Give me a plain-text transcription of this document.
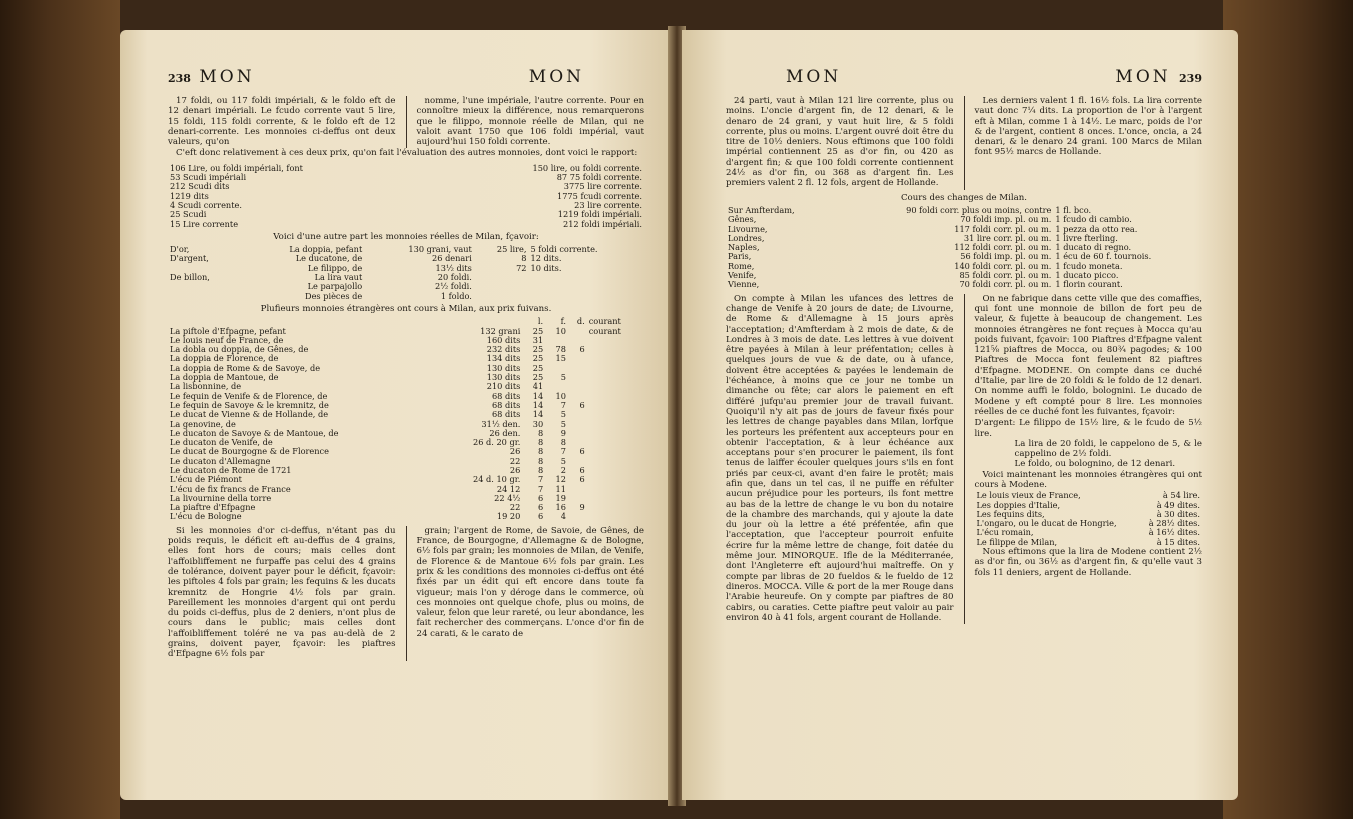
238 MON	MON

17 foldi, ou 117 foldi impériali, & le foldo eft de 12 denari impériali. Le fcudo corrente vaut 5 lire, 15 foldi, 115 foldi corrente, & le foldo eft de 12 denari-corrente. Les monnoies ci-deffus ont deux valeurs, qu'on

nomme, l'une impériale, l'autre corrente. Pour en connoître mieux la différence, nous remarquerons que le filippo, monnoie réelle de Milan, qui ne valoit avant 1750 que 106 foldi impérial, vaut aujourd'hui 150 foldi corrente.

C'eft donc relativement à ces deux prix, qu'on fait l'évaluation des autres monnoies, dont voici le rapport:

106 Lire, ou foldi impériali, font	150 lire, ou foldi corrente.
53 Scudi impériali	87 75 foldi corrente.
212 Scudi dits	3775 lire corrente.
1219 dits	1775 fcudi corrente.
4 Scudi corrente.	23 lire corrente.
25 Scudi	1219 foldi impériali.
15 Lire corrente	212 foldi impériali.
Voici d'une autre part les monnoies réelles de Milan, fçavoir:
D'or,	La doppia, pefant	130 grani, vaut	25 lire,	5 foldi corrente.
D'argent,	Le ducatone, de	26 denari	8	12 dits.
	Le filippo, de	13½ dits	72	10 dits.
De billon,	La lira vaut	20 foldi.		
	Le parpajollo	2½ foldi.		
	Des pièces de	1 foldo.		
Plufieurs monnoies étrangères ont cours à Milan, aux prix fuivans.
		l.	f.	d.	courant
La piftole d'Efpagne, pefant	132 grani	25	10		courant
Le louis neuf de France, de	160 dits	31			
La dobla ou doppia, de Gênes, de	232 dits	25	78	6	
La doppia de Florence, de	134 dits	25	15		
La doppia de Rome & de Savoye, de	130 dits	25			
La doppia de Mantoue, de	130 dits	25	5		
La lisbonnine, de	210 dits	41			
Le fequin de Venife & de Florence, de	68 dits	14	10		
Le fequin de Savoye & le kremnitz, de	68 dits	14	7	6	
Le ducat de Vienne & de Hollande, de	68 dits	14	5		
La genovine, de	31½ den.	30	5		
Le ducaton de Savoye & de Mantoue, de	26 den.	8	9		
Le ducaton de Venife, de	26 d. 20 gr.	8	8		
Le ducat de Bourgogne & de Florence	26	8	7	6	
Le ducaton d'Allemagne	22	8	5		
Le ducaton de Rome de 1721	26	8	2	6	
L'écu de Piémont	24 d. 10 gr.	7	12	6	
L'écu de fix francs de France	24 12	7	11		
La livournine della torre	22 4½	6	19		
La piaftre d'Efpagne	22	6	16	9	
L'écu de Bologne	19 20	6	4		

Si les monnoies d'or ci-deffus, n'étant pas du poids requis, le déficit eft au-deffus de 4 grains, elles font hors de cours; mais celles dont l'affoibliffement ne furpaffe pas celui des 4 grains de tolérance, doivent payer pour le déficit, fçavoir: les piftoles 4 fols par grain; les fequins & les ducats kremnitz de Hongrie 4½ fols par grain. Pareillement les monnoies d'argent qui ont perdu du poids ci-deffus, plus de 2 deniers, n'ont plus de cours dans le public; mais celles dont l'affoibliffement toléré ne va pas au-delà de 2 grains, doivent payer, fçavoir: les piaftres d'Efpagne 6½ fols par

grain; l'argent de Rome, de Savoie, de Gênes, de France, de Bourgogne, d'Allemagne & de Bologne, 6½ fols par grain; les monnoies de Milan, de Venife, de Florence & de Mantoue 6½ fols par grain. Les prix & les conditions des monnoies ci-deffus ont été fixés par un édit qui eft encore dans toute fa vigueur; mais l'on y déroge dans le commerce, où ces monnoies ont quelque chofe, plus ou moins, de valeur, felon que leur rareté, ou leur abondance, les fait rechercher des commerçans. L'once d'or fin de 24 carati, & le carato de

MON	MON 239

24 parti, vaut à Milan 121 lire corrente, plus ou moins. L'oncie d'argent fin, de 12 denari, & le denaro de 24 grani, y vaut huit lire, & 5 foldi corrente, plus ou moins. L'argent ouvré doit être du titre de 10½ deniers. Nous eftimons que 100 foldi impérial contiennent 25 as d'or fin, ou 420 as d'argent fin; & que 100 foldi corrente contiennent 24½ as d'or fin, ou 368 as d'argent fin. Les premiers valent 2 fl. 12 fols, argent de Hollande.

Les derniers valent 1 fl. 16½ fols. La lira corrente vaut donc 7¼ dits. La proportion de l'or à l'argent eft à Milan, comme 1 à 14½. Le marc, poids de l'or & de l'argent, contient 8 onces. L'once, oncia, a 24 denari, & le denaro 24 grani. 100 Marcs de Milan font 95½ marcs de Hollande.

Cours des changes de Milan.
Sur Amfterdam,	90 foldi corr. plus ou moins, contre	1 fl. bco.
Gênes,	70 foldi imp. pl. ou m.	1 fcudo di cambio.
Livourne,	117 foldi corr. pl. ou m.	1 pezza da otto rea.
Londres,	31 lire corr. pl. ou m.	1 livre fterling.
Naples,	112 foldi corr. pl. ou m.	1 ducato di regno.
Paris,	56 foldi imp. pl. ou m.	1 écu de 60 f. tournois.
Rome,	140 foldi corr. pl. ou m.	1 fcudo moneta.
Venife,	85 foldi corr. pl. ou m.	1 ducato picco.
Vienne,	70 foldi corr. pl. ou m.	1 florin courant.

On compte à Milan les ufances des lettres de change de Venife à 20 jours de date; de Livourne, de Rome & d'Allemagne à 15 jours après l'acceptation; d'Amfterdam à 2 mois de date, & de Londres à 3 mois de date. Les lettres à vue doivent être payées à Milan à leur préfentation; celles à quelques jours de vue & de date, ou à ufance, doivent être acceptées & payées le lendemain de l'échéance, à moins que ce jour ne tombe un dimanche ou fête; car alors le paiement en eft différé jufqu'au premier jour de travail fuivant. Quoiqu'il n'y ait pas de jours de faveur fixés pour les lettres de change payables dans Milan, lorfque les porteurs les préfentent aux accepteurs pour en obtenir l'acceptation, & à leur échéance aux acceptans pour s'en procurer le paiement, ils font tenus de laiffer écouler quelques jours s'ils en font priés par ceux-ci, avant d'en faire le protêt; mais afin que, dans un tel cas, il ne puiffe en réfulter aucun préjudice pour les porteurs, ils font mettre au bas de la lettre de change le vu bon du notaire de la chambre des marchands, qui y ajoute la date du jour où la lettre a été préfentée, afin que l'acceptation, que l'accepteur pourroit enfuite écrire fur la même lettre de change, foit datée du même jour. MINORQUE. Ifle de la Méditerranée, dont l'Angleterre eft aujourd'hui maîtreffe. On y compte par libras de 20 fueldos & le fueldo de 12 dineros. MOCCA. Ville & port de la mer Rouge dans l'Arabie heureufe. On y compte par piaftres de 80 cabirs, ou caraties. Cette piaftre peut valoir au pair environ 40 à 41 fols, argent courant de Hollande.

On ne fabrique dans cette ville que des comaffies, qui font une monnoie de billon de fort peu de valeur, & fujette à beaucoup de changement. Les monnoies étrangères ne font reçues à Mocca qu'au poids fuivant, fçavoir: 100 Piaftres d'Efpagne valent 121⅝ piaftres de Mocca, ou 80¾ pagodes; & 100 Piaftres de Mocca font feulement 82 piaftres d'Efpagne. MODENE. On compte dans ce duché d'Italie, par lire de 20 foldi & le foldo de 12 denari. On nomme auffi le foldo, bolognini. Le ducado de Modene y eft compté pour 8 lire. Les monnoies réelles de ce duché font les fuivantes, fçavoir:

D'argent: Le filippo de 15½ lire, & le fcudo de 5½ lire.
La lira de 20 foldi, le cappelono de 5, & le cappelino de 2½ foldi.
Le foldo, ou bolognino, de 12 denari.

Voici maintenant les monnoies étrangères qui ont cours à Modene.

Le louis vieux de France,	à 54 lire.
Les doppies d'Italie,	à 49 dites.
Les fequins dits,	à 30 dites.
L'ongaro, ou le ducat de Hongrie,	à 28½ dites.
L'écu romain,	à 16½ dites.
Le filippe de Milan,	à 15 dites.

Nous eftimons que la lira de Modene contient 2½ as d'or fin, ou 36½ as d'argent fin, & qu'elle vaut 3 fols 11 deniers, argent de Hollande.
